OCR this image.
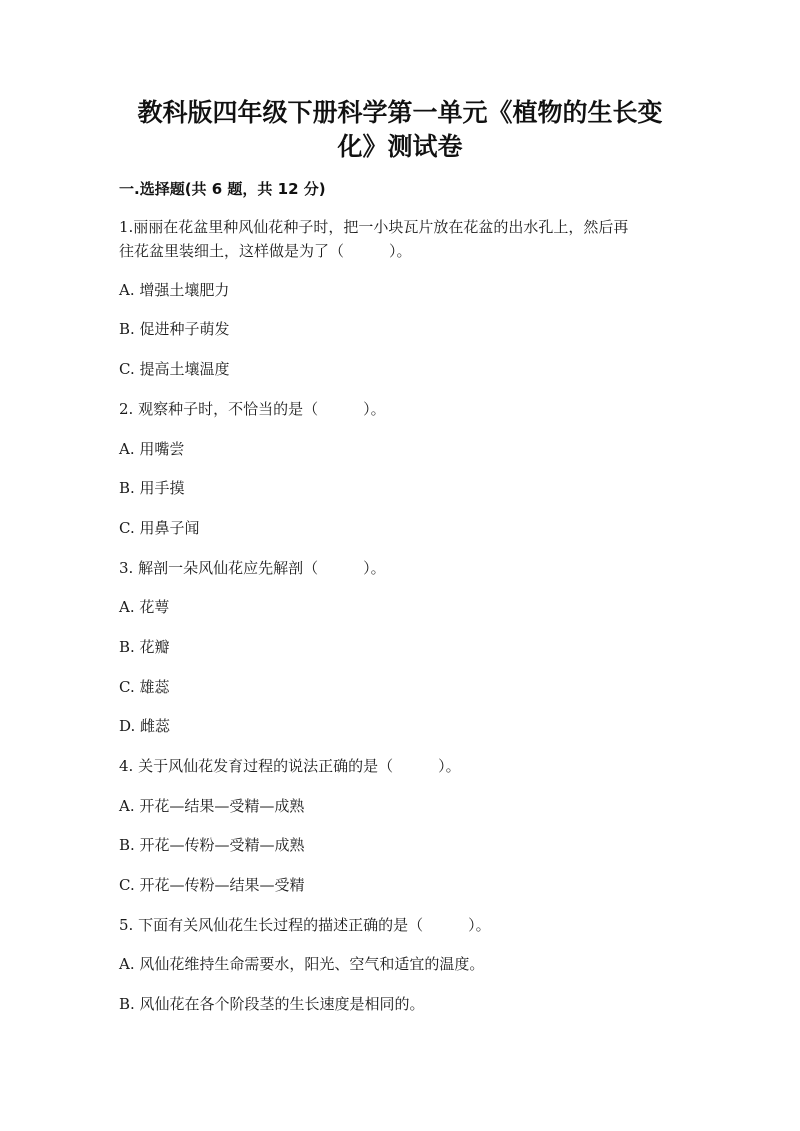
教科版四年级下册科学第一单元《植物的生长变
化》测试卷
一.选择题(共 6 题，共 12 分)
1.丽丽在花盆里种风仙花种子时，把一小块瓦片放在花盆的出水孔上，然后再
往花盆里装细土，这样做是为了（　　　）。
A. 增强土壤肥力
B. 促进种子萌发
C. 提高土壤温度
2. 观察种子时，不恰当的是（　　　）。
A. 用嘴尝
B. 用手摸
C. 用鼻子闻
3. 解剖一朵风仙花应先解剖（　　　）。
A. 花萼
B. 花瓣
C. 雄蕊
D. 雌蕊
4. 关于风仙花发育过程的说法正确的是（　　　）。
A. 开花—结果—受精—成熟
B. 开花—传粉—受精—成熟
C. 开花—传粉—结果—受精
5. 下面有关风仙花生长过程的描述正确的是（　　　）。
A. 风仙花维持生命需要水，阳光、空气和适宜的温度。
B. 风仙花在各个阶段茎的生长速度是相同的。
